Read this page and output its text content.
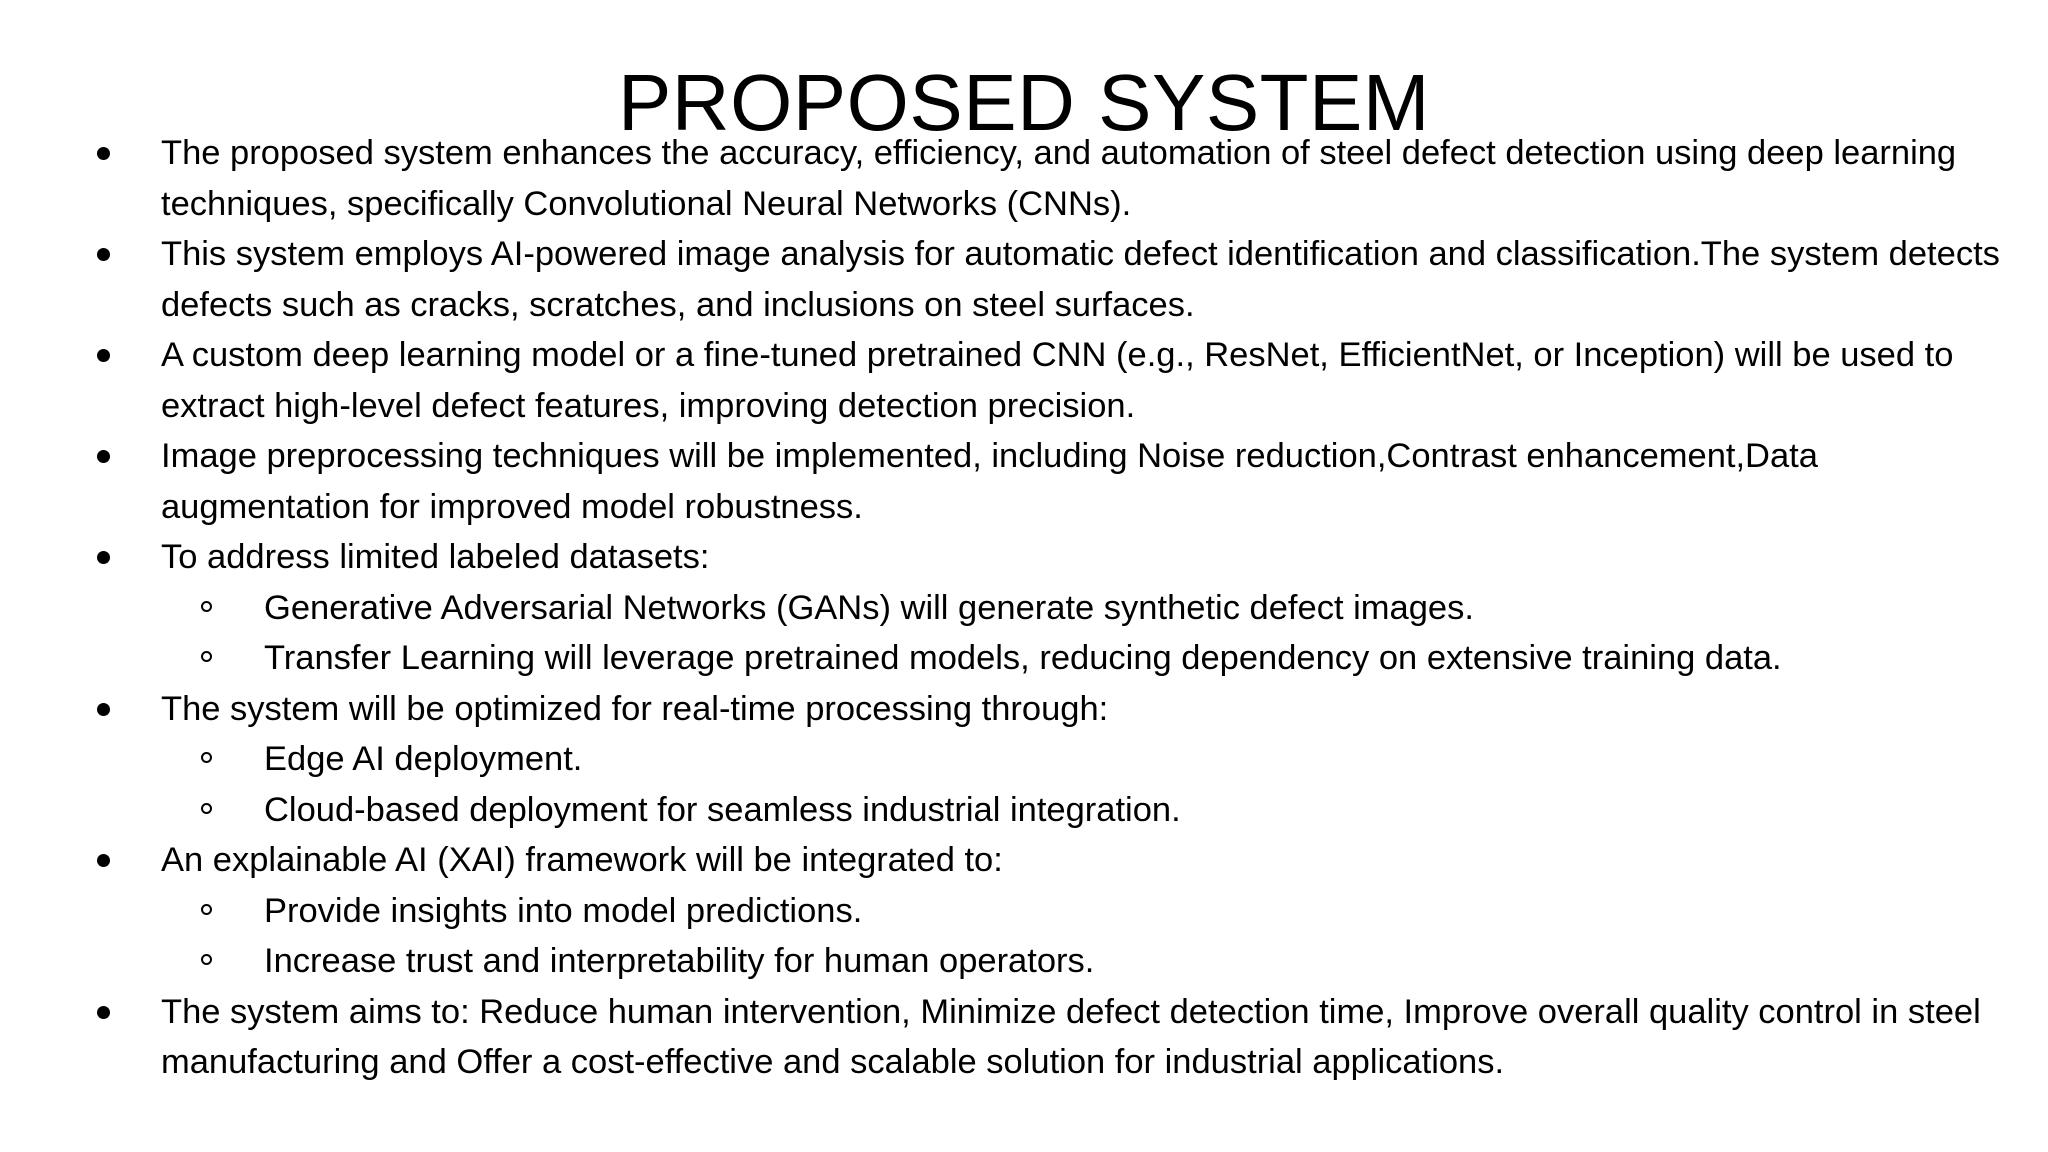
PROPOSED SYSTEM
The proposed system enhances the accuracy, efficiency, and automation of steel defect detection using deep learning techniques, specifically Convolutional Neural Networks (CNNs).
This system employs AI-powered image analysis for automatic defect identification and classification.The system detects defects such as cracks, scratches, and inclusions on steel surfaces.
A custom deep learning model or a fine-tuned pretrained CNN (e.g., ResNet, EfficientNet, or Inception) will be used to extract high-level defect features, improving detection precision.
Image preprocessing techniques will be implemented, including Noise reduction,Contrast enhancement,Data augmentation for improved model robustness.
To address limited labeled datasets:
Generative Adversarial Networks (GANs) will generate synthetic defect images.
Transfer Learning will leverage pretrained models, reducing dependency on extensive training data.
The system will be optimized for real-time processing through:
Edge AI deployment.
Cloud-based deployment for seamless industrial integration.
An explainable AI (XAI) framework will be integrated to:
Provide insights into model predictions.
Increase trust and interpretability for human operators.
The system aims to: Reduce human intervention, Minimize defect detection time, Improve overall quality control in steel manufacturing and Offer a cost-effective and scalable solution for industrial applications.
